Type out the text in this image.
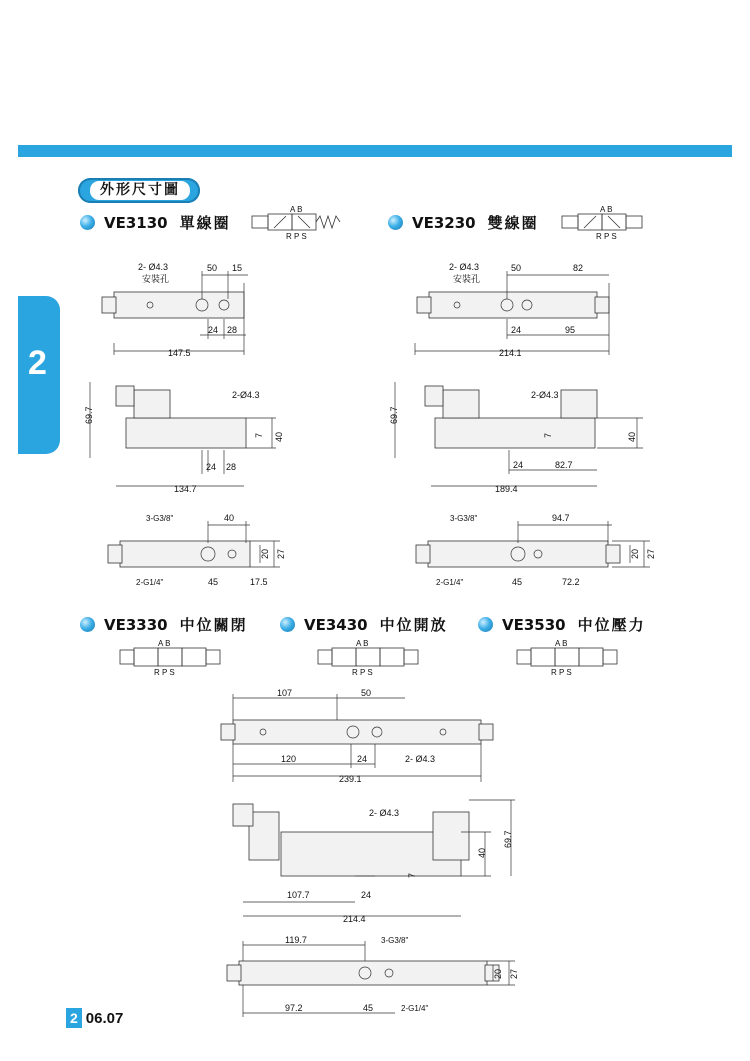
2
外形尺寸圖
VE3130 單線圈	VE3230 雙線圈
VE3330 中位關閉	VE3430 中位開放	VE3530 中位壓力
A B
R P S
A B
R P S
A B
R P S
A B
R P S
A B
R P S
2- Ø4.3
安裝孔
50 15
24 28
147.5
69.7
2-Ø4.3
7 40
24 28
134.7
3-G3/8"	40
20 27
2-G1/4"	45	17.5
2- Ø4.3
安裝孔
50	82
24	95
214.1
69.7
2-Ø4.3
7	40
24	82.7
189.4
3-G3/8"	94.7
20 27
2-G1/4"	45	72.2
107	50
120	24	2- Ø4.3
239.1
2- Ø4.3
40
69.7
7
107.7	24
214.4
119.7	3-G3/8"
20 27
97.2	45	2-G1/4"
2 06.07
